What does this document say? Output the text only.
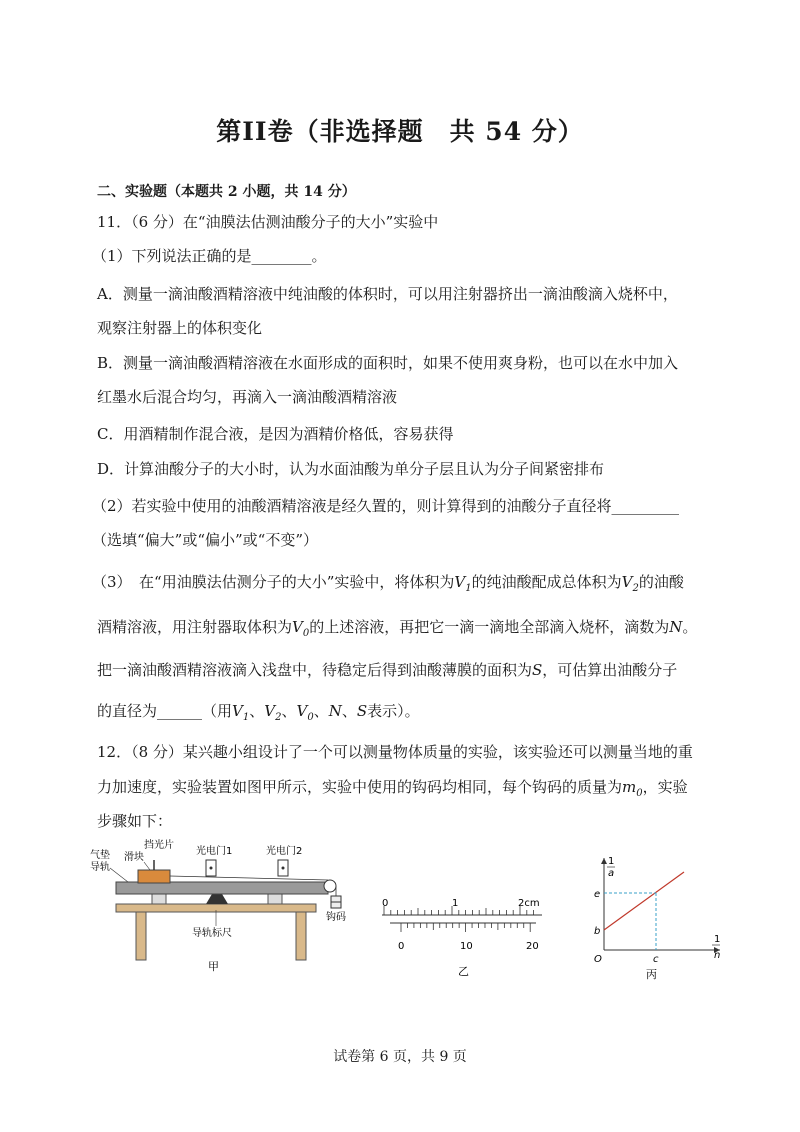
第II卷（非选择题　共 54 分）
二、实验题（本题共 2 小题，共 14 分）
11．（6 分）在“油膜法估测油酸分子的大小”实验中
（1）下列说法正确的是________。
A．测量一滴油酸酒精溶液中纯油酸的体积时，可以用注射器挤出一滴油酸滴入烧杯中，
观察注射器上的体积变化
B．测量一滴油酸酒精溶液在水面形成的面积时，如果不使用爽身粉，也可以在水中加入
红墨水后混合均匀，再滴入一滴油酸酒精溶液
C．用酒精制作混合液，是因为酒精价格低，容易获得
D．计算油酸分子的大小时，认为水面油酸为单分子层且认为分子间紧密排布
（2）若实验中使用的油酸酒精溶液是经久置的，则计算得到的油酸分子直径将_________
（选填“偏大”或“偏小”或“不变”）
（3）　在“用油膜法估测分子的大小”实验中，将体积为$V_1$的纯油酸配成总体积为$V_2$的油酸
酒精溶液，用注射器取体积为$V_0$的上述溶液，再把它一滴一滴地全部滴入烧杯，滴数为N。
把一滴油酸酒精溶液滴入浅盘中，待稳定后得到油酸薄膜的面积为S，可估算出油酸分子
的直径为______（用$V_1$、$V_2$、$V_0$、N、S表示）。
12．（8 分）某兴趣小组设计了一个可以测量物体质量的实验，该实验还可以测量当地的重
力加速度，实验装置如图甲所示，实验中使用的钩码均相同，每个钩码的质量为$m_0$，实验
步骤如下：
气垫
导轨
滑块
挡光片
光电门1	光电门2
钩码
导轨标尺
甲
0	1	2cm
0	10	20
乙
1
a
1
n
O
e
b
c
丙
试卷第 6 页，共 9 页
